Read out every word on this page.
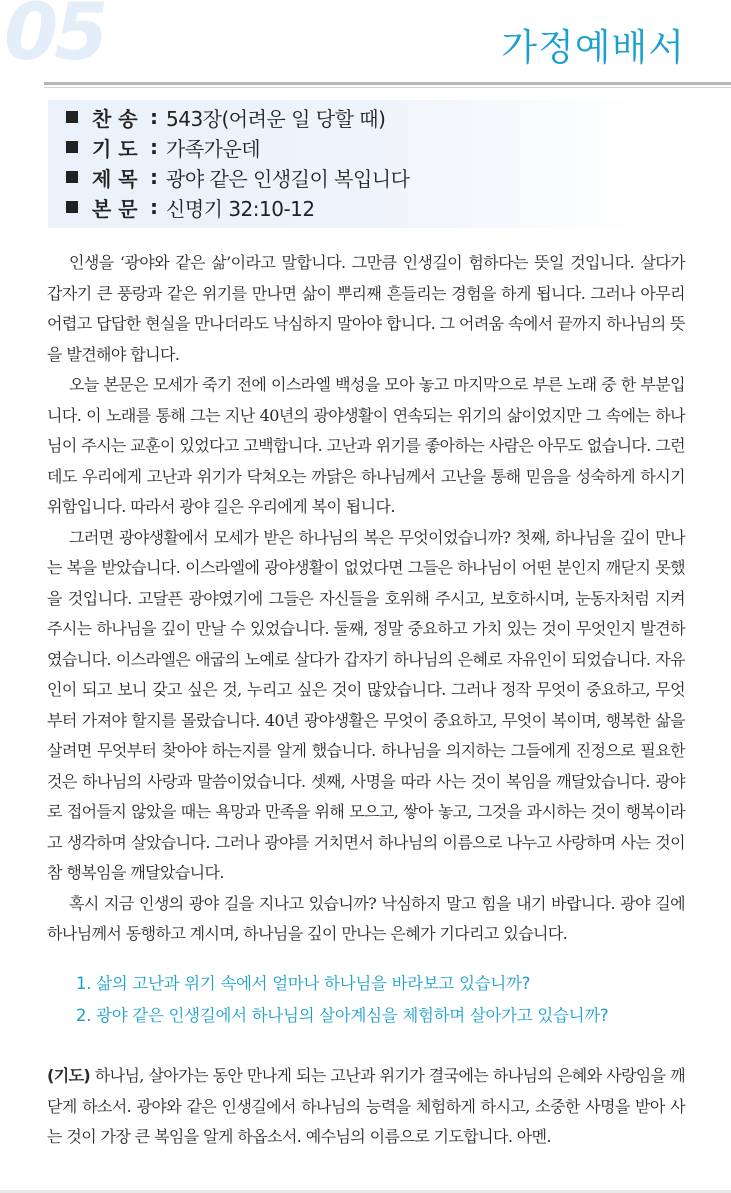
05	가정예배서
찬 송 : 543장(어려운 일 당할 때)
기 도 : 가족가운데
제 목 : 광야 같은 인생길이 복입니다
본 문 : 신명기 32:10-12

인생을 ‘광야와 같은 삶’이라고 말합니다. 그만큼 인생길이 험하다는 뜻일 것입니다. 살다가 갑자기 큰 풍랑과 같은 위기를 만나면 삶이 뿌리째 흔들리는 경험을 하게 됩니다. 그러나 아무리 어렵고 답답한 현실을 만나더라도 낙심하지 말아야 합니다. 그 어려움 속에서 끝까지 하나님의 뜻을 발견해야 합니다.

오늘 본문은 모세가 죽기 전에 이스라엘 백성을 모아 놓고 마지막으로 부른 노래 중 한 부분입니다. 이 노래를 통해 그는 지난 40년의 광야생활이 연속되는 위기의 삶이었지만 그 속에는 하나님이 주시는 교훈이 있었다고 고백합니다. 고난과 위기를 좋아하는 사람은 아무도 없습니다. 그런데도 우리에게 고난과 위기가 닥쳐오는 까닭은 하나님께서 고난을 통해 믿음을 성숙하게 하시기 위함입니다. 따라서 광야 길은 우리에게 복이 됩니다.

그러면 광야생활에서 모세가 받은 하나님의 복은 무엇이었습니까? 첫째, 하나님을 깊이 만나는 복을 받았습니다. 이스라엘에 광야생활이 없었다면 그들은 하나님이 어떤 분인지 깨닫지 못했을 것입니다. 고달픈 광야였기에 그들은 자신들을 호위해 주시고, 보호하시며, 눈동자처럼 지켜 주시는 하나님을 깊이 만날 수 있었습니다. 둘째, 정말 중요하고 가치 있는 것이 무엇인지 발견하였습니다. 이스라엘은 애굽의 노예로 살다가 갑자기 하나님의 은혜로 자유인이 되었습니다. 자유인이 되고 보니 갖고 싶은 것, 누리고 싶은 것이 많았습니다. 그러나 정작 무엇이 중요하고, 무엇부터 가져야 할지를 몰랐습니다. 40년 광야생활은 무엇이 중요하고, 무엇이 복이며, 행복한 삶을 살려면 무엇부터 찾아야 하는지를 알게 했습니다. 하나님을 의지하는 그들에게 진정으로 필요한 것은 하나님의 사랑과 말씀이었습니다. 셋째, 사명을 따라 사는 것이 복임을 깨달았습니다. 광야로 접어들지 않았을 때는 욕망과 만족을 위해 모으고, 쌓아 놓고, 그것을 과시하는 것이 행복이라고 생각하며 살았습니다. 그러나 광야를 거치면서 하나님의 이름으로 나누고 사랑하며 사는 것이 참 행복임을 깨달았습니다.

혹시 지금 인생의 광야 길을 지나고 있습니까? 낙심하지 말고 힘을 내기 바랍니다. 광야 길에 하나님께서 동행하고 계시며, 하나님을 깊이 만나는 은혜가 기다리고 있습니다.

1. 삶의 고난과 위기 속에서 얼마나 하나님을 바라보고 있습니까?
2. 광야 같은 인생길에서 하나님의 살아계심을 체험하며 살아가고 있습니까?

(기도) 하나님, 살아가는 동안 만나게 되는 고난과 위기가 결국에는 하나님의 은혜와 사랑임을 깨닫게 하소서. 광야와 같은 인생길에서 하나님의 능력을 체험하게 하시고, 소중한 사명을 받아 사는 것이 가장 큰 복임을 알게 하옵소서. 예수님의 이름으로 기도합니다. 아멘.
